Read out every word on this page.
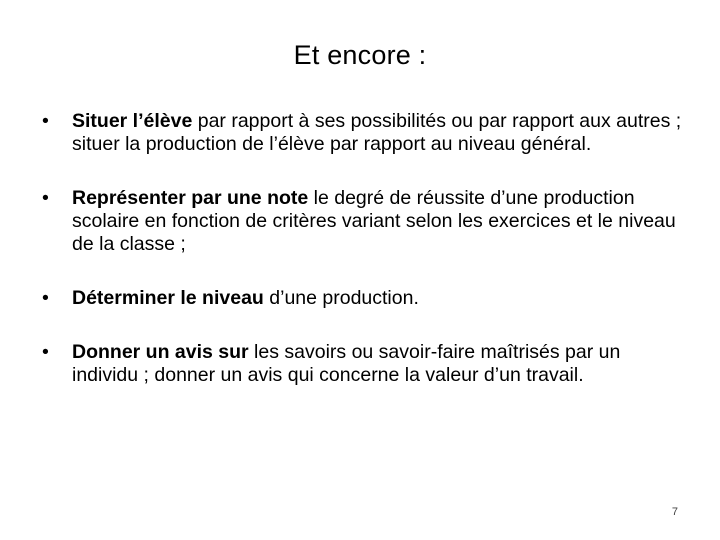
Et encore :
•	Situer l’élève par rapport à ses possibilités ou par rapport aux autres ; situer la production de l’élève par rapport au niveau général.
•	Représenter par une note le degré de réussite d’une production scolaire en fonction de critères variant selon les exercices et le niveau de la classe ;
•	Déterminer le niveau d’une production.
•	Donner un avis sur les savoirs ou savoir-faire maîtrisés par un individu ; donner un avis qui concerne la valeur d’un travail.
7
